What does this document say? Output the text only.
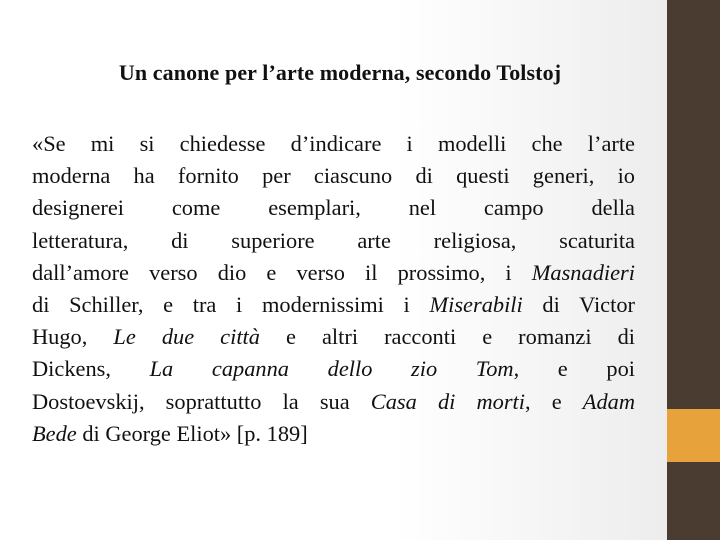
Un canone per l’arte moderna, secondo Tolstoj
«Se mi si chiedesse d’indicare i modelli che l’arte
moderna ha fornito per ciascuno di questi generi, io
designerei come esemplari, nel campo della
letteratura, di superiore arte religiosa, scaturita
dall’amore verso dio e verso il prossimo, i Masnadieri
di Schiller, e tra i modernissimi i Miserabili di Victor
Hugo, Le due città e altri racconti e romanzi di
Dickens, La capanna dello zio Tom, e poi
Dostoevskij, soprattutto la sua Casa di morti, e Adam
Bede di George Eliot» [p. 189]
